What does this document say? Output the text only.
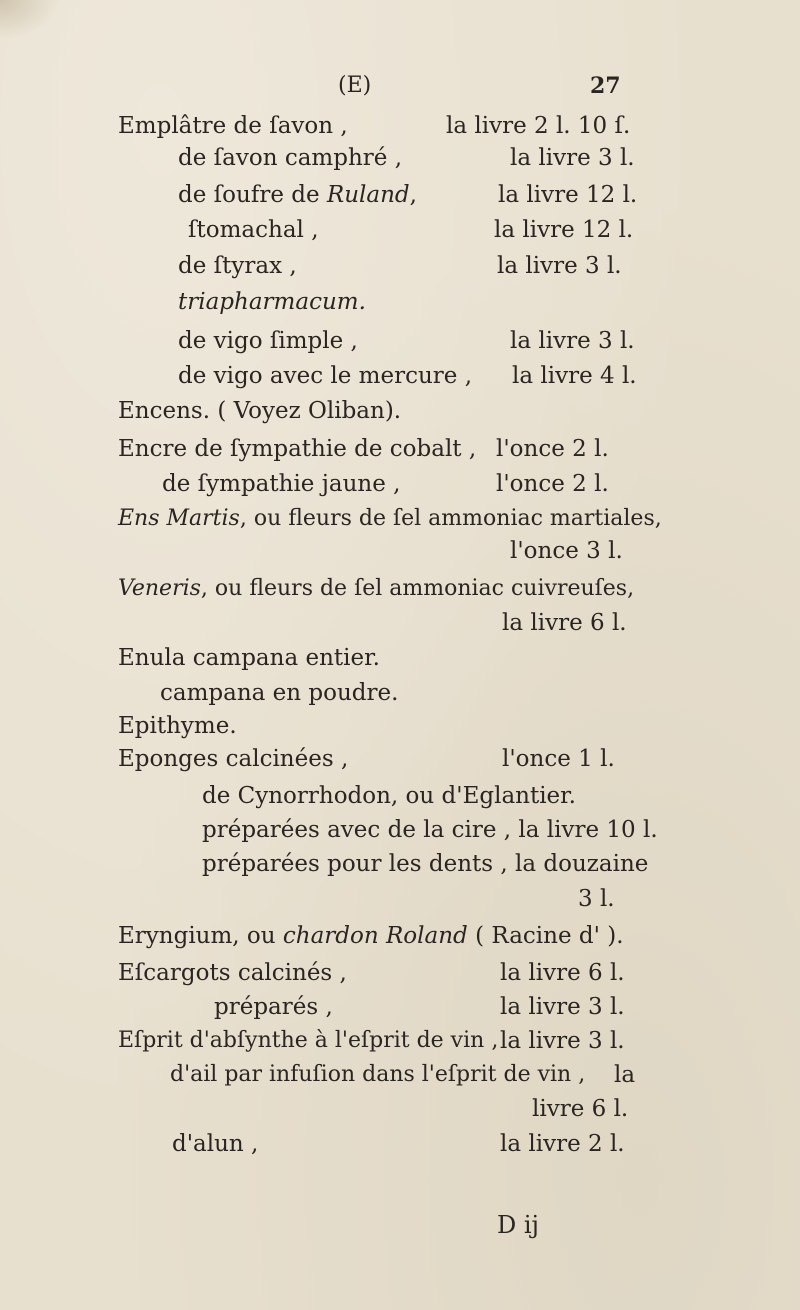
(E)	27
Emplâtre de ſavon ,	la livre 2 l. 10 ſ.
de ſavon camphré ,	la livre 3 l.
de ſoufre de Ruland,	la livre 12 l.
ſtomachal ,	la livre 12 l.
de ſtyrax ,	la livre 3 l.
triapharmacum.
de vigo ſimple ,	la livre 3 l.
de vigo avec le mercure , la livre 4 l.
Encens. ( Voyez Oliban).
Encre de ſympathie de cobalt , l'once 2 l.
de ſympathie jaune ,	l'once 2 l.
Ens Martis, ou fleurs de ſel ammoniac martiales,
l'once 3 l.
Veneris, ou fleurs de ſel ammoniac cuivreuſes,
la livre 6 l.
Enula campana entier.
campana en poudre.
Epithyme.
Eponges calcinées ,	l'once 1 l.
de Cynorrhodon, ou d'Eglantier.
préparées avec de la cire , la livre 10 l.
préparées pour les dents , la douzaine
3 l.
Eryngium, ou chardon Roland ( Racine d' ).
Eſcargots calcinés ,	la livre 6 l.
préparés ,	la livre 3 l.
Eſprit d'abſynthe à l'eſprit de vin , la livre 3 l.
d'ail par infuſion dans l'eſprit de vin , la
livre 6 l.
d'alun ,	la livre 2 l.
D ij
